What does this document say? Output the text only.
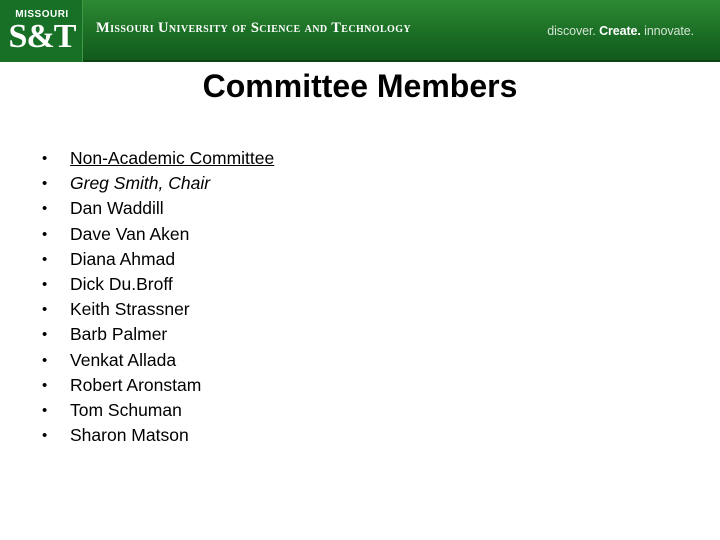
MISSOURI
S&T	Missouri University of Science and Technology	discover. Create. innovate.
Committee Members
• Non-Academic Committee
• Greg Smith, Chair
• Dan Waddill
• Dave Van Aken
• Diana Ahmad
• Dick Du.Broff
• Keith Strassner
• Barb Palmer
• Venkat Allada
• Robert Aronstam
• Tom Schuman
• Sharon Matson
